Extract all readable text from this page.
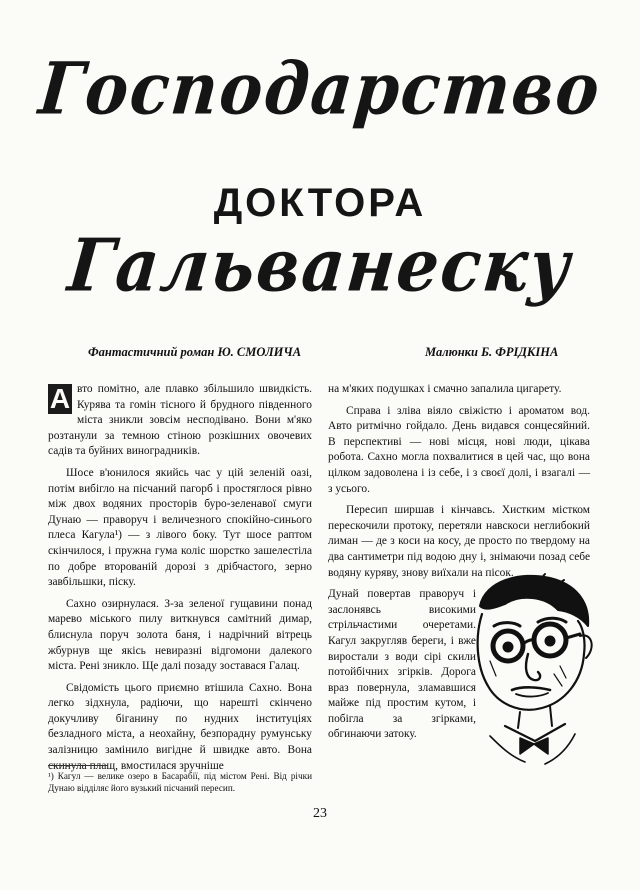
Господарство
ДОКТОРА
Гальванеску
Фантастичний роман Ю. СМОЛИЧА	Малюнки Б. ФРІДКІНА

А вто помітно, але плавко збільшило швидкість. Курява та гомін тісного й брудного південного міста зникли зовсім несподівано. Вони м'яко розтанули за темною стіною розкішних овочевих садів та буйних виноградників.

Шосе в'юнилося якийсь час у цій зеленій оазі, потім вибігло на пісчаний пагорб і простяглося рівно між двох водяних просторів буро-зеленавої смуги Дунаю — праворуч і величезного спокійно-синього плеса Кагула¹) — з лівого боку. Тут шосе раптом скінчилося, і пружна гума коліс шорстко зашелестіла по добре второваній дорозі з дрібчастого, зерно завбільшки, піску.

Сахно озирнулася. З-за зеленої гущавини понад марево міського пилу виткнувся самітний димар, блиснула поруч золота баня, і надрічний вітрець жбурнув ще якісь невиразні відгомони далекого міста. Рені зникло. Ще далі позаду зоставася Галац.

Свідомість цього приємно втішила Сахно. Вона легко зідхнула, радіючи, що нарешті скінчено докучливу біганину по нудних інституціях безладного міста, а неохайну, безпорадну румунську залізницю замінило вигідне й швидке авто. Вона скинула плащ, вмостилася зручніше

на м'яких подушках і смачно запалила цигарету.

Справа і зліва віяло свіжістю і ароматом вод. Авто ритмічно гойдало. День видався сонцесяйний. В перспективі — нові місця, нові люди, цікава робота. Сахно могла похвалитися в цей час, що вона цілком задоволена і із себе, і з своєї долі, і взагалі — з усього.

Пересип ширшав і кінчавсь. Хистким містком перескочили протоку, перетяли навскоси неглибокий лиман — де з коси на косу, де просто по твердому на два сантиметри під водою дну і, знімаючи позад себе водяну куряву, знову виїхали на пісок.

Дунай повертав праворуч і заслонявсь високими стрільчастими очеретами. Кагул закругляв береги, і вже виростали з води сірі скили потойбічних згірків. Дорога враз повернула, зламавшися майже під простим кутом, і побігла за згірками, обгинаючи затоку.

¹) Кагул — велике озеро в Басарабії, під містом Рені. Від річки Дунаю відділяє його вузький пісчаний пересип.
23
